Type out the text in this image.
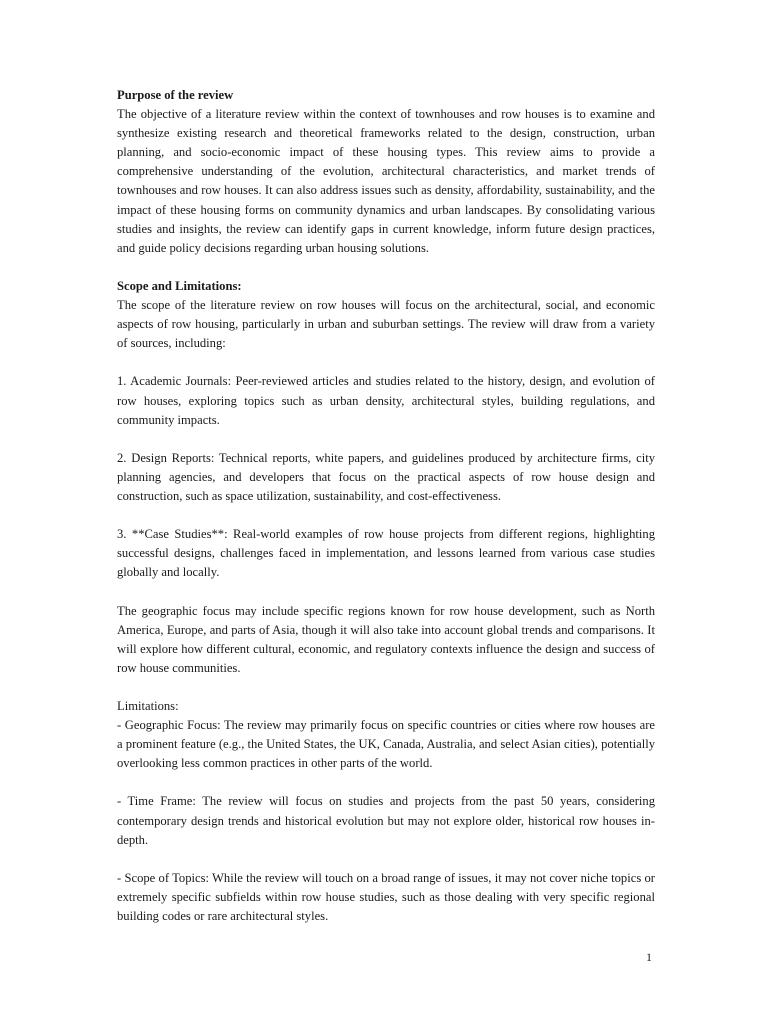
Purpose of the review

The objective of a literature review within the context of townhouses and row houses is to examine and synthesize existing research and theoretical frameworks related to the design, construction, urban planning, and socio-economic impact of these housing types. This review aims to provide a comprehensive understanding of the evolution, architectural characteristics, and market trends of townhouses and row houses. It can also address issues such as density, affordability, sustainability, and the impact of these housing forms on community dynamics and urban landscapes. By consolidating various studies and insights, the review can identify gaps in current knowledge, inform future design practices, and guide policy decisions regarding urban housing solutions.

Scope and Limitations:

The scope of the literature review on row houses will focus on the architectural, social, and economic aspects of row housing, particularly in urban and suburban settings. The review will draw from a variety of sources, including:

1. Academic Journals: Peer-reviewed articles and studies related to the history, design, and evolution of row houses, exploring topics such as urban density, architectural styles, building regulations, and community impacts.

2. Design Reports: Technical reports, white papers, and guidelines produced by architecture firms, city planning agencies, and developers that focus on the practical aspects of row house design and construction, such as space utilization, sustainability, and cost-effectiveness.

3. **Case Studies**: Real-world examples of row house projects from different regions, highlighting successful designs, challenges faced in implementation, and lessons learned from various case studies globally and locally.

The geographic focus may include specific regions known for row house development, such as North America, Europe, and parts of Asia, though it will also take into account global trends and comparisons. It will explore how different cultural, economic, and regulatory contexts influence the design and success of row house communities.

Limitations:

- Geographic Focus: The review may primarily focus on specific countries or cities where row houses are a prominent feature (e.g., the United States, the UK, Canada, Australia, and select Asian cities), potentially overlooking less common practices in other parts of the world.

- Time Frame: The review will focus on studies and projects from the past 50 years, considering contemporary design trends and historical evolution but may not explore older, historical row houses in-depth.

- Scope of Topics: While the review will touch on a broad range of issues, it may not cover niche topics or extremely specific subfields within row house studies, such as those dealing with very specific regional building codes or rare architectural styles.

1
